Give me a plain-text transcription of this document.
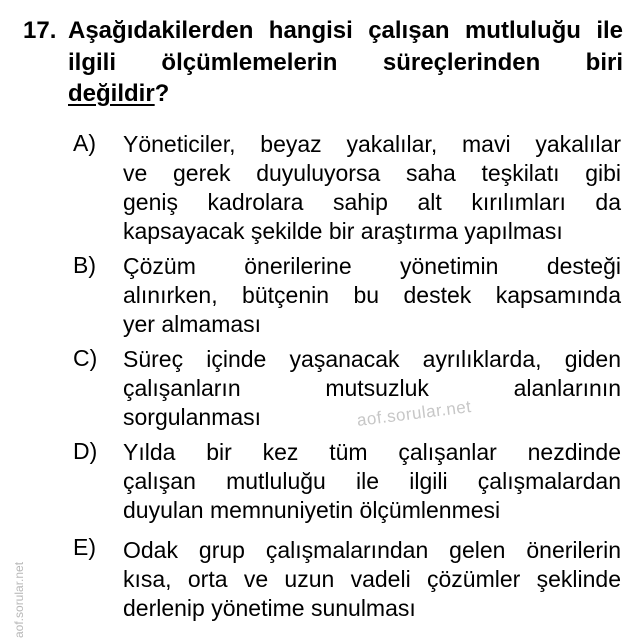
17. Aşağıdakilerden hangisi çalışan mutluluğu ile
ilgili ölçümlemelerin süreçlerinden biri
değildir?
A) Yöneticiler, beyaz yakalılar, mavi yakalılar
ve gerek duyuluyorsa saha teşkilatı gibi
geniş kadrolara sahip alt kırılımları da
kapsayacak şekilde bir araştırma yapılması
B) Çözüm önerilerine yönetimin desteği
alınırken, bütçenin bu destek kapsamında
yer almaması
C) Süreç içinde yaşanacak ayrılıklarda, giden
çalışanların mutsuzluk alanlarının
sorgulanması
D) Yılda bir kez tüm çalışanlar nezdinde
çalışan mutluluğu ile ilgili çalışmalardan
duyulan memnuniyetin ölçümlenmesi
E) Odak grup çalışmalarından gelen önerilerin
kısa, orta ve uzun vadeli çözümler şeklinde
derlenip yönetime sunulması
aof.sorular.net
aof.sorular.net
